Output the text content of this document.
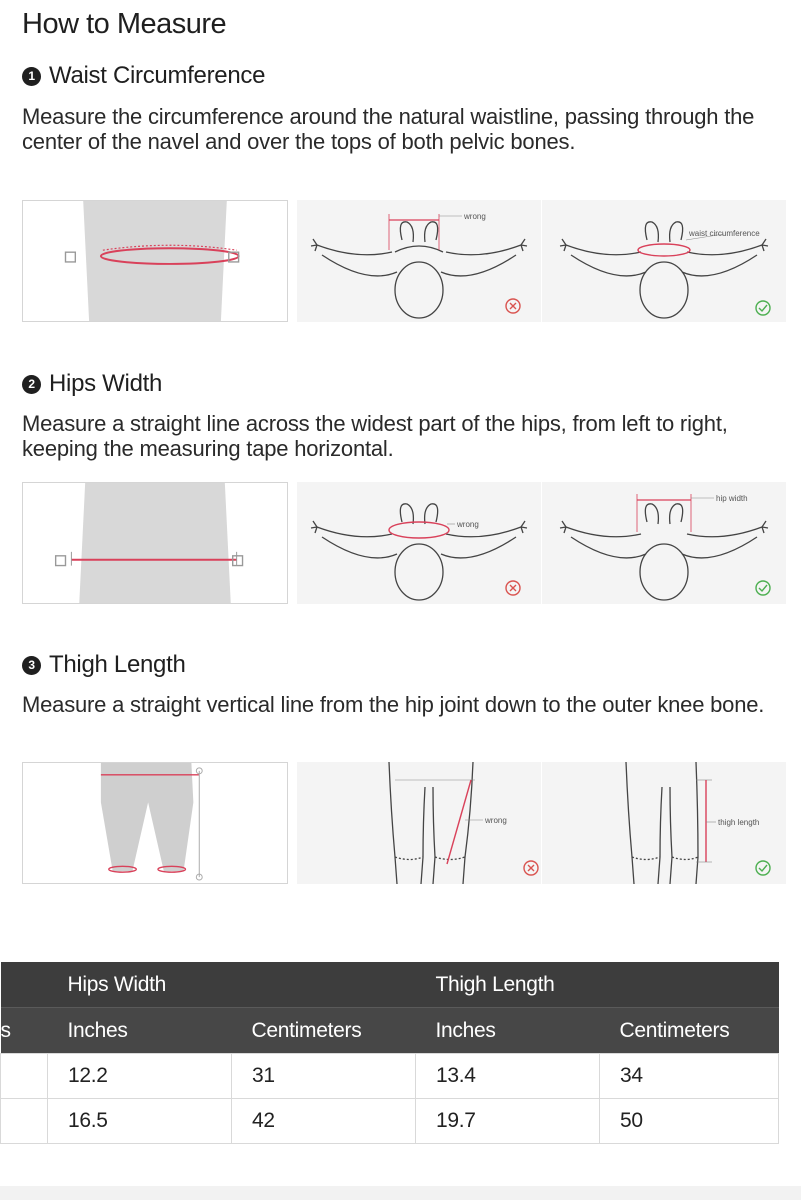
How to Measure
1 Waist Circumference
Measure the circumference around the natural waistline, passing through the center of the navel and over the tops of both pelvic bones.
wrong
waist circumference
2 Hips Width
Measure a straight line across the widest part of the hips, from left to right, keeping the measuring tape horizontal.
wrong
hip width
3 Thigh Length
Measure a straight vertical line from the hip joint down to the outer knee bone.
wrong	thigh length
	Hips Width		Thigh Length	
s	Inches	Centimeters	Inches	Centimeters
	12.2	31	13.4	34
	16.5	42	19.7	50
